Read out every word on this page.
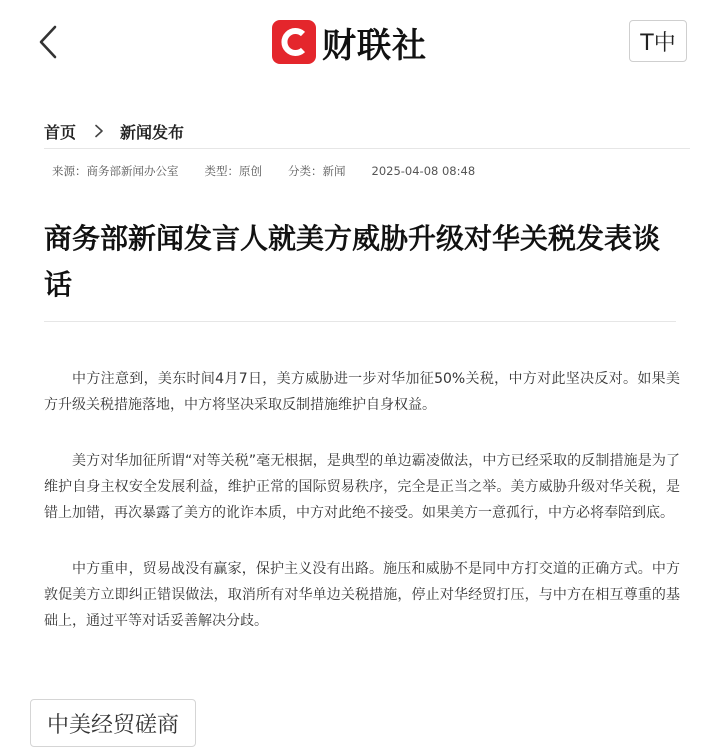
财联社	T中
首页	新闻发布
来源：商务部新闻办公室 类型：原创 分类：新闻 2025-04-08 08:48
商务部新闻发言人就美方威胁升级对华关税发表谈话

中方注意到，美东时间4月7日，美方威胁进一步对华加征50%关税，中方对此坚决反对。如果美方升级关税措施落地，中方将坚决采取反制措施维护自身权益。

美方对华加征所谓“对等关税”毫无根据，是典型的单边霸凌做法，中方已经采取的反制措施是为了维护自身主权安全发展利益，维护正常的国际贸易秩序，完全是正当之举。美方威胁升级对华关税，是错上加错，再次暴露了美方的讹诈本质，中方对此绝不接受。如果美方一意孤行，中方必将奉陪到底。

中方重申，贸易战没有赢家，保护主义没有出路。施压和威胁不是同中方打交道的正确方式。中方敦促美方立即纠正错误做法，取消所有对华单边关税措施，停止对华经贸打压，与中方在相互尊重的基础上，通过平等对话妥善解决分歧。

中美经贸磋商
